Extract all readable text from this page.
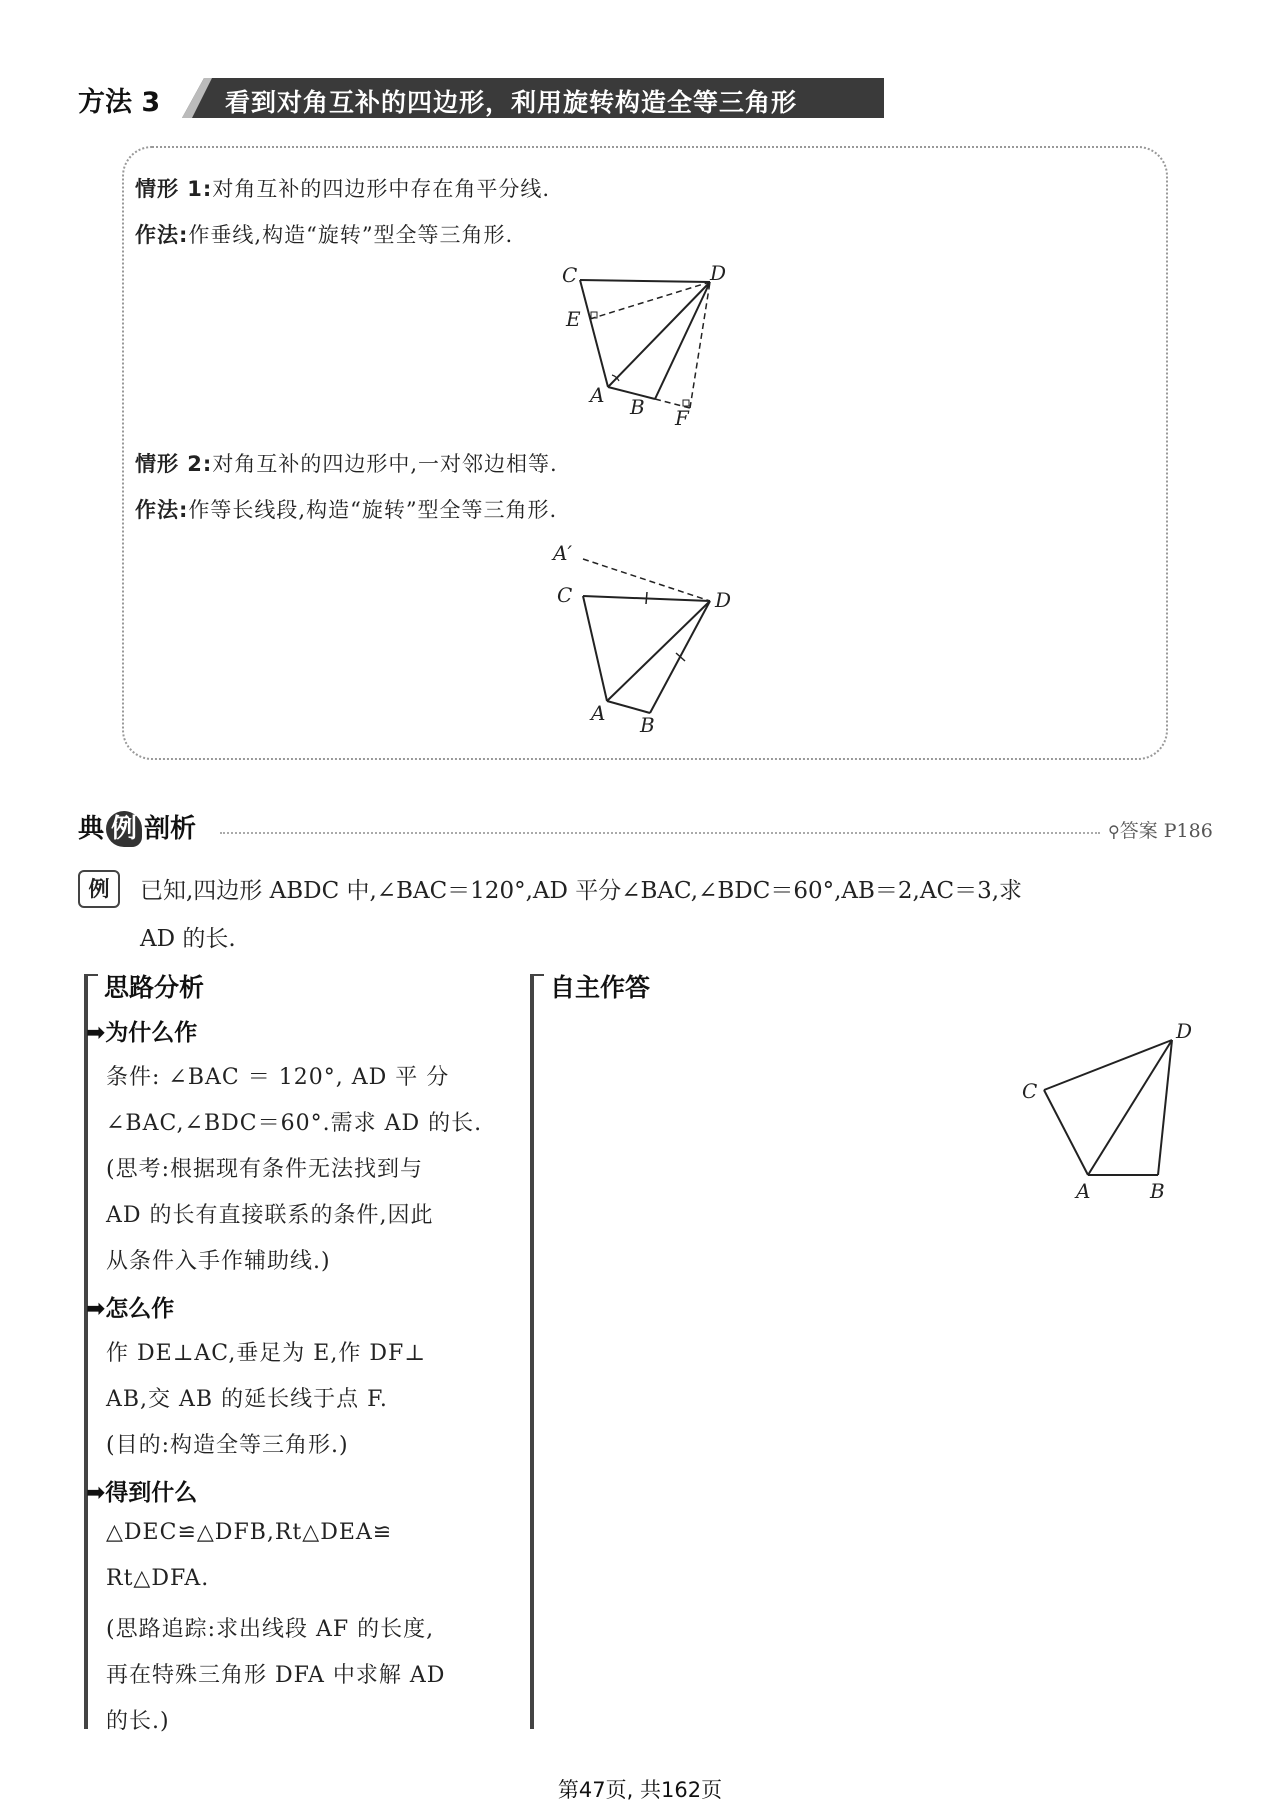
方法 3	看到对角互补的四边形，利用旋转构造全等三角形
情形 1:对角互补的四边形中存在角平分线.
作法:作垂线,构造“旋转”型全等三角形.
C	D
E
A B F
情形 2:对角互补的四边形中,一对邻边相等.
作法:作等长线段,构造“旋转”型全等三角形.
A′
C	D
A B
典 例 剖析	⚲答案 P186
例	已知,四边形 ABDC 中,∠BAC＝120°,AD 平分∠BAC,∠BDC＝60°,AB＝2,AC＝3,求
AD 的长.
思路分析
➡为什么作
条件: ∠BAC ＝ 120°, AD 平 分
∠BAC,∠BDC＝60°.需求 AD 的长.
(思考:根据现有条件无法找到与
AD 的长有直接联系的条件,因此
从条件入手作辅助线.)
➡怎么作
作 DE⊥AC,垂足为 E,作 DF⊥
AB,交 AB 的延长线于点 F.
(目的:构造全等三角形.)
➡得到什么
△DEC≌△DFB,Rt△DEA≌
Rt△DFA.
(思路追踪:求出线段 AF 的长度,
再在特殊三角形 DFA 中求解 AD
的长.)
自主作答
C
D
A	B
第47页, 共162页
